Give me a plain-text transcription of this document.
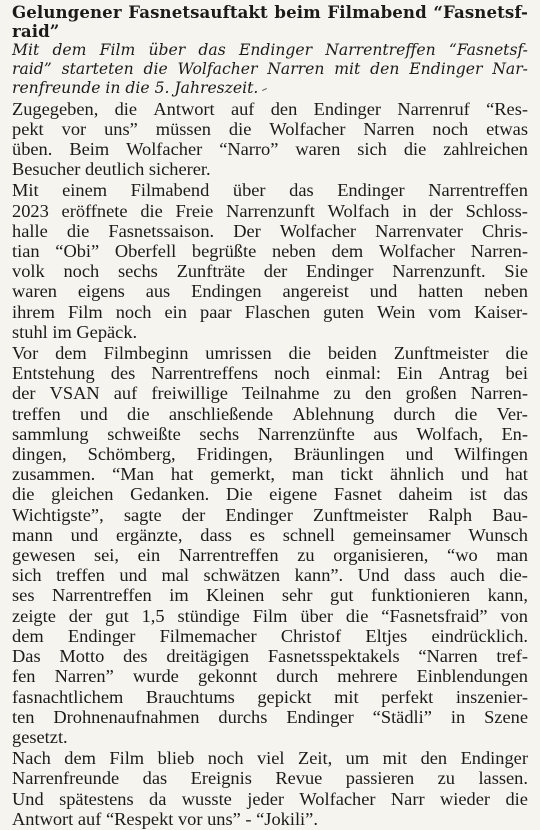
Gelungener Fasnetsauftakt beim Filmabend “Fasnetsf-
raid”
Mit dem Film über das Endinger Narrentreffen “Fasnetsf-
raid” starteten die Wolfacher Narren mit den Endinger Nar-
renfreunde in die 5. Jahreszeit.
Zugegeben, die Antwort auf den Endinger Narrenruf “Res-
pekt vor uns” müssen die Wolfacher Narren noch etwas
üben. Beim Wolfacher “Narro” waren sich die zahlreichen
Besucher deutlich sicherer.
Mit einem Filmabend über das Endinger Narrentreffen
2023 eröffnete die Freie Narrenzunft Wolfach in der Schloss-
halle die Fasnetssaison. Der Wolfacher Narrenvater Chris-
tian “Obi” Oberfell begrüßte neben dem Wolfacher Narren-
volk noch sechs Zunfträte der Endinger Narrenzunft. Sie
waren eigens aus Endingen angereist und hatten neben
ihrem Film noch ein paar Flaschen guten Wein vom Kaiser-
stuhl im Gepäck.
Vor dem Filmbeginn umrissen die beiden Zunftmeister die
Entstehung des Narrentreffens noch einmal: Ein Antrag bei
der VSAN auf freiwillige Teilnahme zu den großen Narren-
treffen und die anschließende Ablehnung durch die Ver-
sammlung schweißte sechs Narrenzünfte aus Wolfach, En-
dingen, Schömberg, Fridingen, Bräunlingen und Wilfingen
zusammen. “Man hat gemerkt, man tickt ähnlich und hat
die gleichen Gedanken. Die eigene Fasnet daheim ist das
Wichtigste”, sagte der Endinger Zunftmeister Ralph Bau-
mann und ergänzte, dass es schnell gemeinsamer Wunsch
gewesen sei, ein Narrentreffen zu organisieren, “wo man
sich treffen und mal schwätzen kann”. Und dass auch die-
ses Narrentreffen im Kleinen sehr gut funktionieren kann,
zeigte der gut 1,5 stündige Film über die “Fasnetsfraid” von
dem Endinger Filmemacher Christof Eltjes eindrücklich.
Das Motto des dreitägigen Fasnetsspektakels “Narren tref-
fen Narren” wurde gekonnt durch mehrere Einblendungen
fasnachtlichem Brauchtums gepickt mit perfekt inszenier-
ten Drohnenaufnahmen durchs Endinger “Städli” in Szene
gesetzt.
Nach dem Film blieb noch viel Zeit, um mit den Endinger
Narrenfreunde das Ereignis Revue passieren zu lassen.
Und spätestens da wusste jeder Wolfacher Narr wieder die
Antwort auf “Respekt vor uns” - “Jokili”.
